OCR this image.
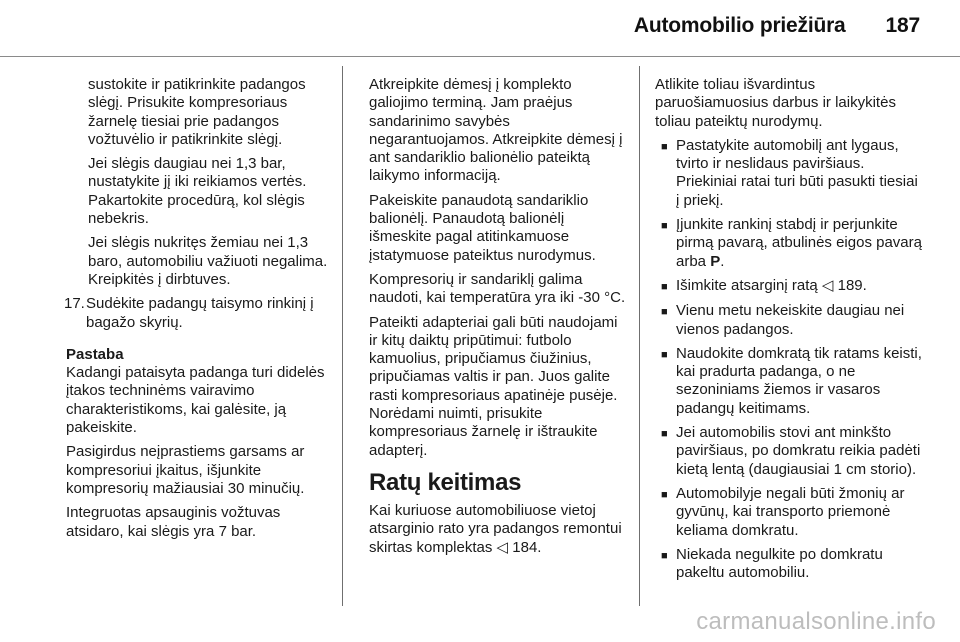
Automobilio priežiūra 187

sustokite ir patikrinkite padangos slėgį. Prisukite kompresoriaus žarnelę tiesiai prie padangos vožtuvėlio ir patikrinkite slėgį.

Jei slėgis daugiau nei 1,3 bar, nustatykite jį iki reikiamos vertės. Pakartokite procedūrą, kol slėgis nebekris.

Jei slėgis nukritęs žemiau nei 1,3 baro, automobiliu važiuoti negalima. Kreipkitės į dirbtuves.

17. Sudėkite padangų taisymo rinkinį į bagažo skyrių.
Pastaba

Kadangi pataisyta padanga turi didelės įtakos techninėms vairavimo charakteristikoms, kai galėsite, ją pakeiskite.

Pasigirdus neįprastiems garsams ar kompresoriui įkaitus, išjunkite kompresorių mažiausiai 30 minučių.

Integruotas apsauginis vožtuvas atsidaro, kai slėgis yra 7 bar.

Atkreipkite dėmesį į komplekto galiojimo terminą. Jam praėjus sandarinimo savybės negarantuojamos. Atkreipkite dėmesį į ant sandariklio balionėlio pateiktą laikymo informaciją.

Pakeiskite panaudotą sandariklio balionėlį. Panaudotą balionėlį išmeskite pagal atitinkamuose įstatymuose pateiktus nurodymus.

Kompresorių ir sandariklį galima naudoti, kai temperatūra yra iki -30 °C.

Pateikti adapteriai gali būti naudojami ir kitų daiktų pripūtimui: futbolo kamuolius, pripučiamus čiužinius, pripučiamas valtis ir pan. Juos galite rasti kompresoriaus apatinėje pusėje. Norėdami nuimti, prisukite kompresoriaus žarnelę ir ištraukite adapterį.

Ratų keitimas

Kai kuriuose automobiliuose vietoj atsarginio rato yra padangos remontui skirtas komplektas ◁ 184.

Atlikite toliau išvardintus paruošiamuosius darbus ir laikykitės toliau pateiktų nurodymų.

■ Pastatykite automobilį ant lygaus, tvirto ir neslidaus paviršiaus. Priekiniai ratai turi būti pasukti tiesiai į priekį.
■ Įjunkite rankinį stabdį ir perjunkite pirmą pavarą, atbulinės eigos pavarą arba P.
■ Išimkite atsarginį ratą ◁ 189.
■ Vienu metu nekeiskite daugiau nei vienos padangos.
■ Naudokite domkratą tik ratams keisti, kai pradurta padanga, o ne sezoniniams žiemos ir vasaros padangų keitimams.
■ Jei automobilis stovi ant minkšto paviršiaus, po domkratu reikia padėti kietą lentą (daugiausiai 1 cm storio).
■ Automobilyje negali būti žmonių ar gyvūnų, kai transporto priemonė keliama domkratu.
■ Niekada negulkite po domkratu pakeltu automobiliu.
carmanualsonline.info
